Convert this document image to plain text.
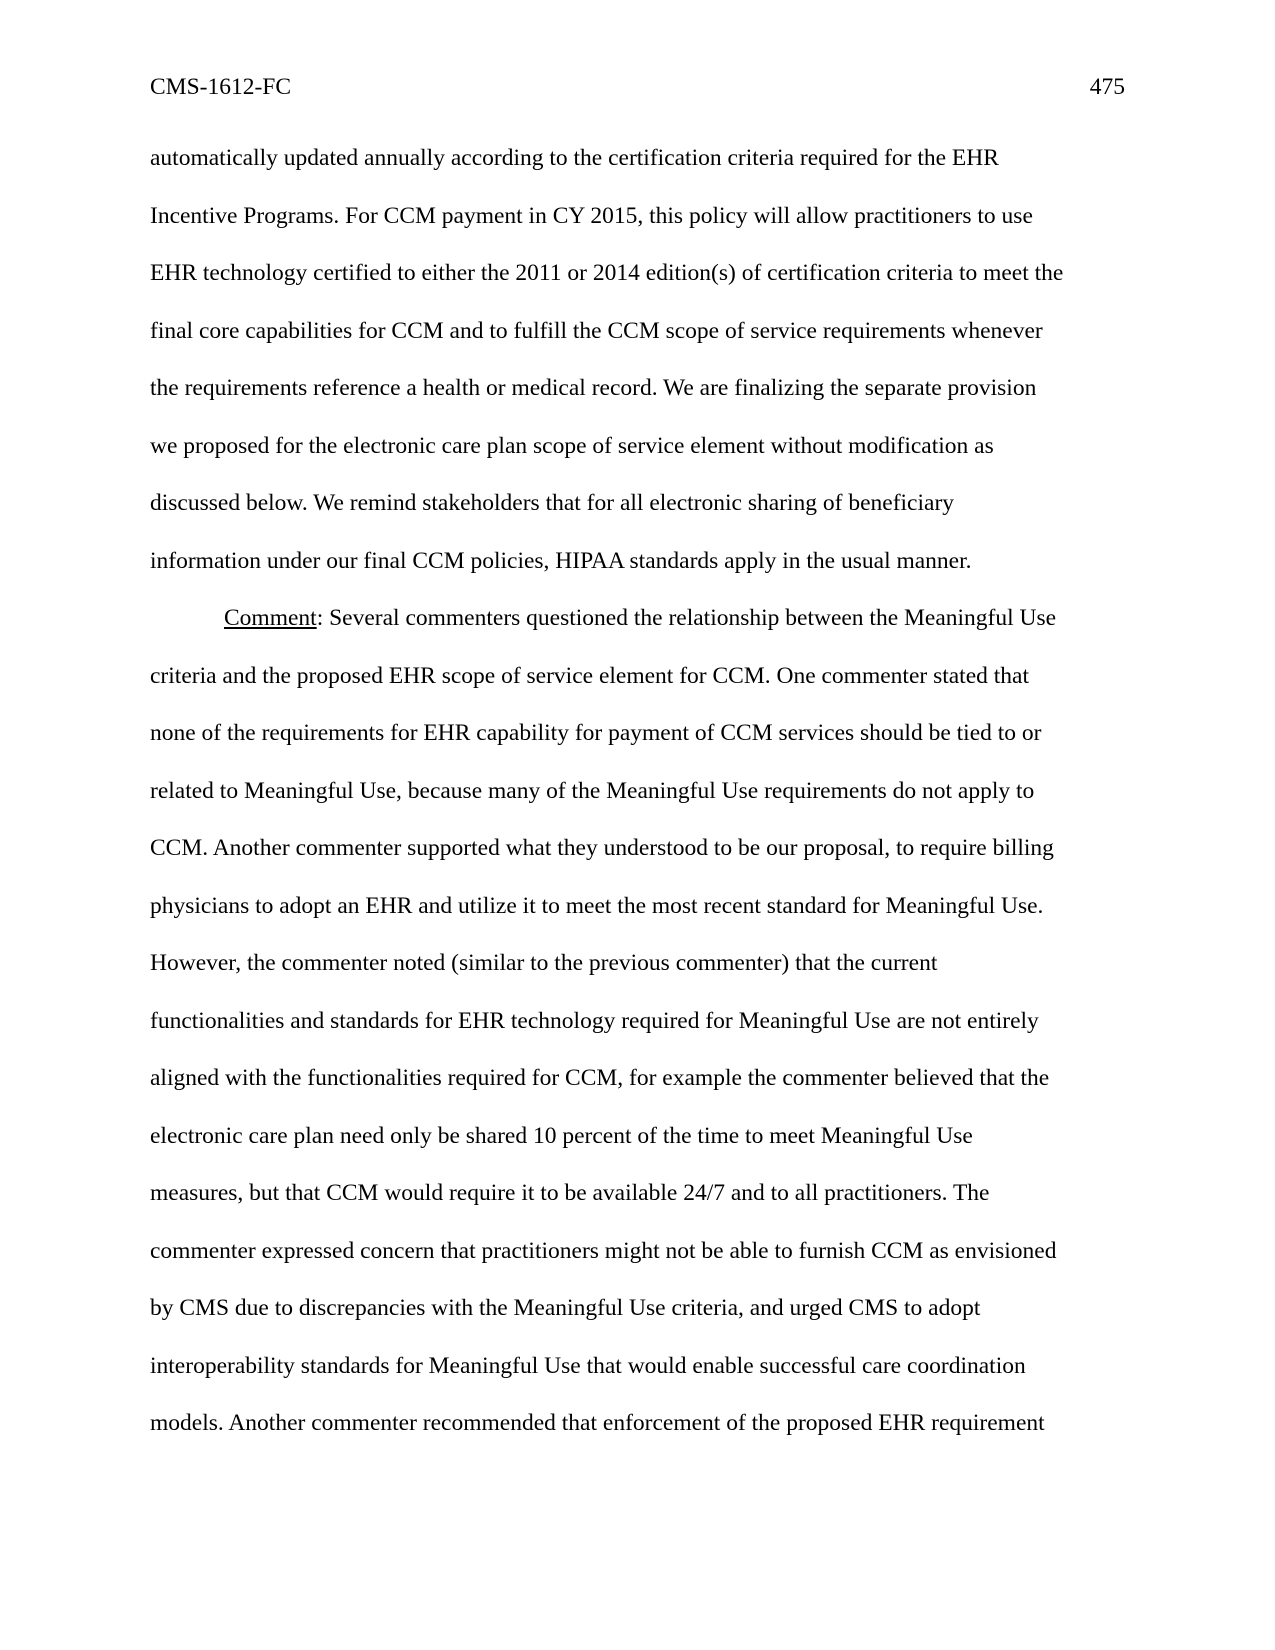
CMS-1612-FC	475
automatically updated annually according to the certification criteria required for the EHR
Incentive Programs. For CCM payment in CY 2015, this policy will allow practitioners to use
EHR technology certified to either the 2011 or 2014 edition(s) of certification criteria to meet the
final core capabilities for CCM and to fulfill the CCM scope of service requirements whenever
the requirements reference a health or medical record. We are finalizing the separate provision
we proposed for the electronic care plan scope of service element without modification as
discussed below. We remind stakeholders that for all electronic sharing of beneficiary
information under our final CCM policies, HIPAA standards apply in the usual manner.
Comment: Several commenters questioned the relationship between the Meaningful Use
criteria and the proposed EHR scope of service element for CCM. One commenter stated that
none of the requirements for EHR capability for payment of CCM services should be tied to or
related to Meaningful Use, because many of the Meaningful Use requirements do not apply to
CCM. Another commenter supported what they understood to be our proposal, to require billing
physicians to adopt an EHR and utilize it to meet the most recent standard for Meaningful Use.
However, the commenter noted (similar to the previous commenter) that the current
functionalities and standards for EHR technology required for Meaningful Use are not entirely
aligned with the functionalities required for CCM, for example the commenter believed that the
electronic care plan need only be shared 10 percent of the time to meet Meaningful Use
measures, but that CCM would require it to be available 24/7 and to all practitioners. The
commenter expressed concern that practitioners might not be able to furnish CCM as envisioned
by CMS due to discrepancies with the Meaningful Use criteria, and urged CMS to adopt
interoperability standards for Meaningful Use that would enable successful care coordination
models. Another commenter recommended that enforcement of the proposed EHR requirement
